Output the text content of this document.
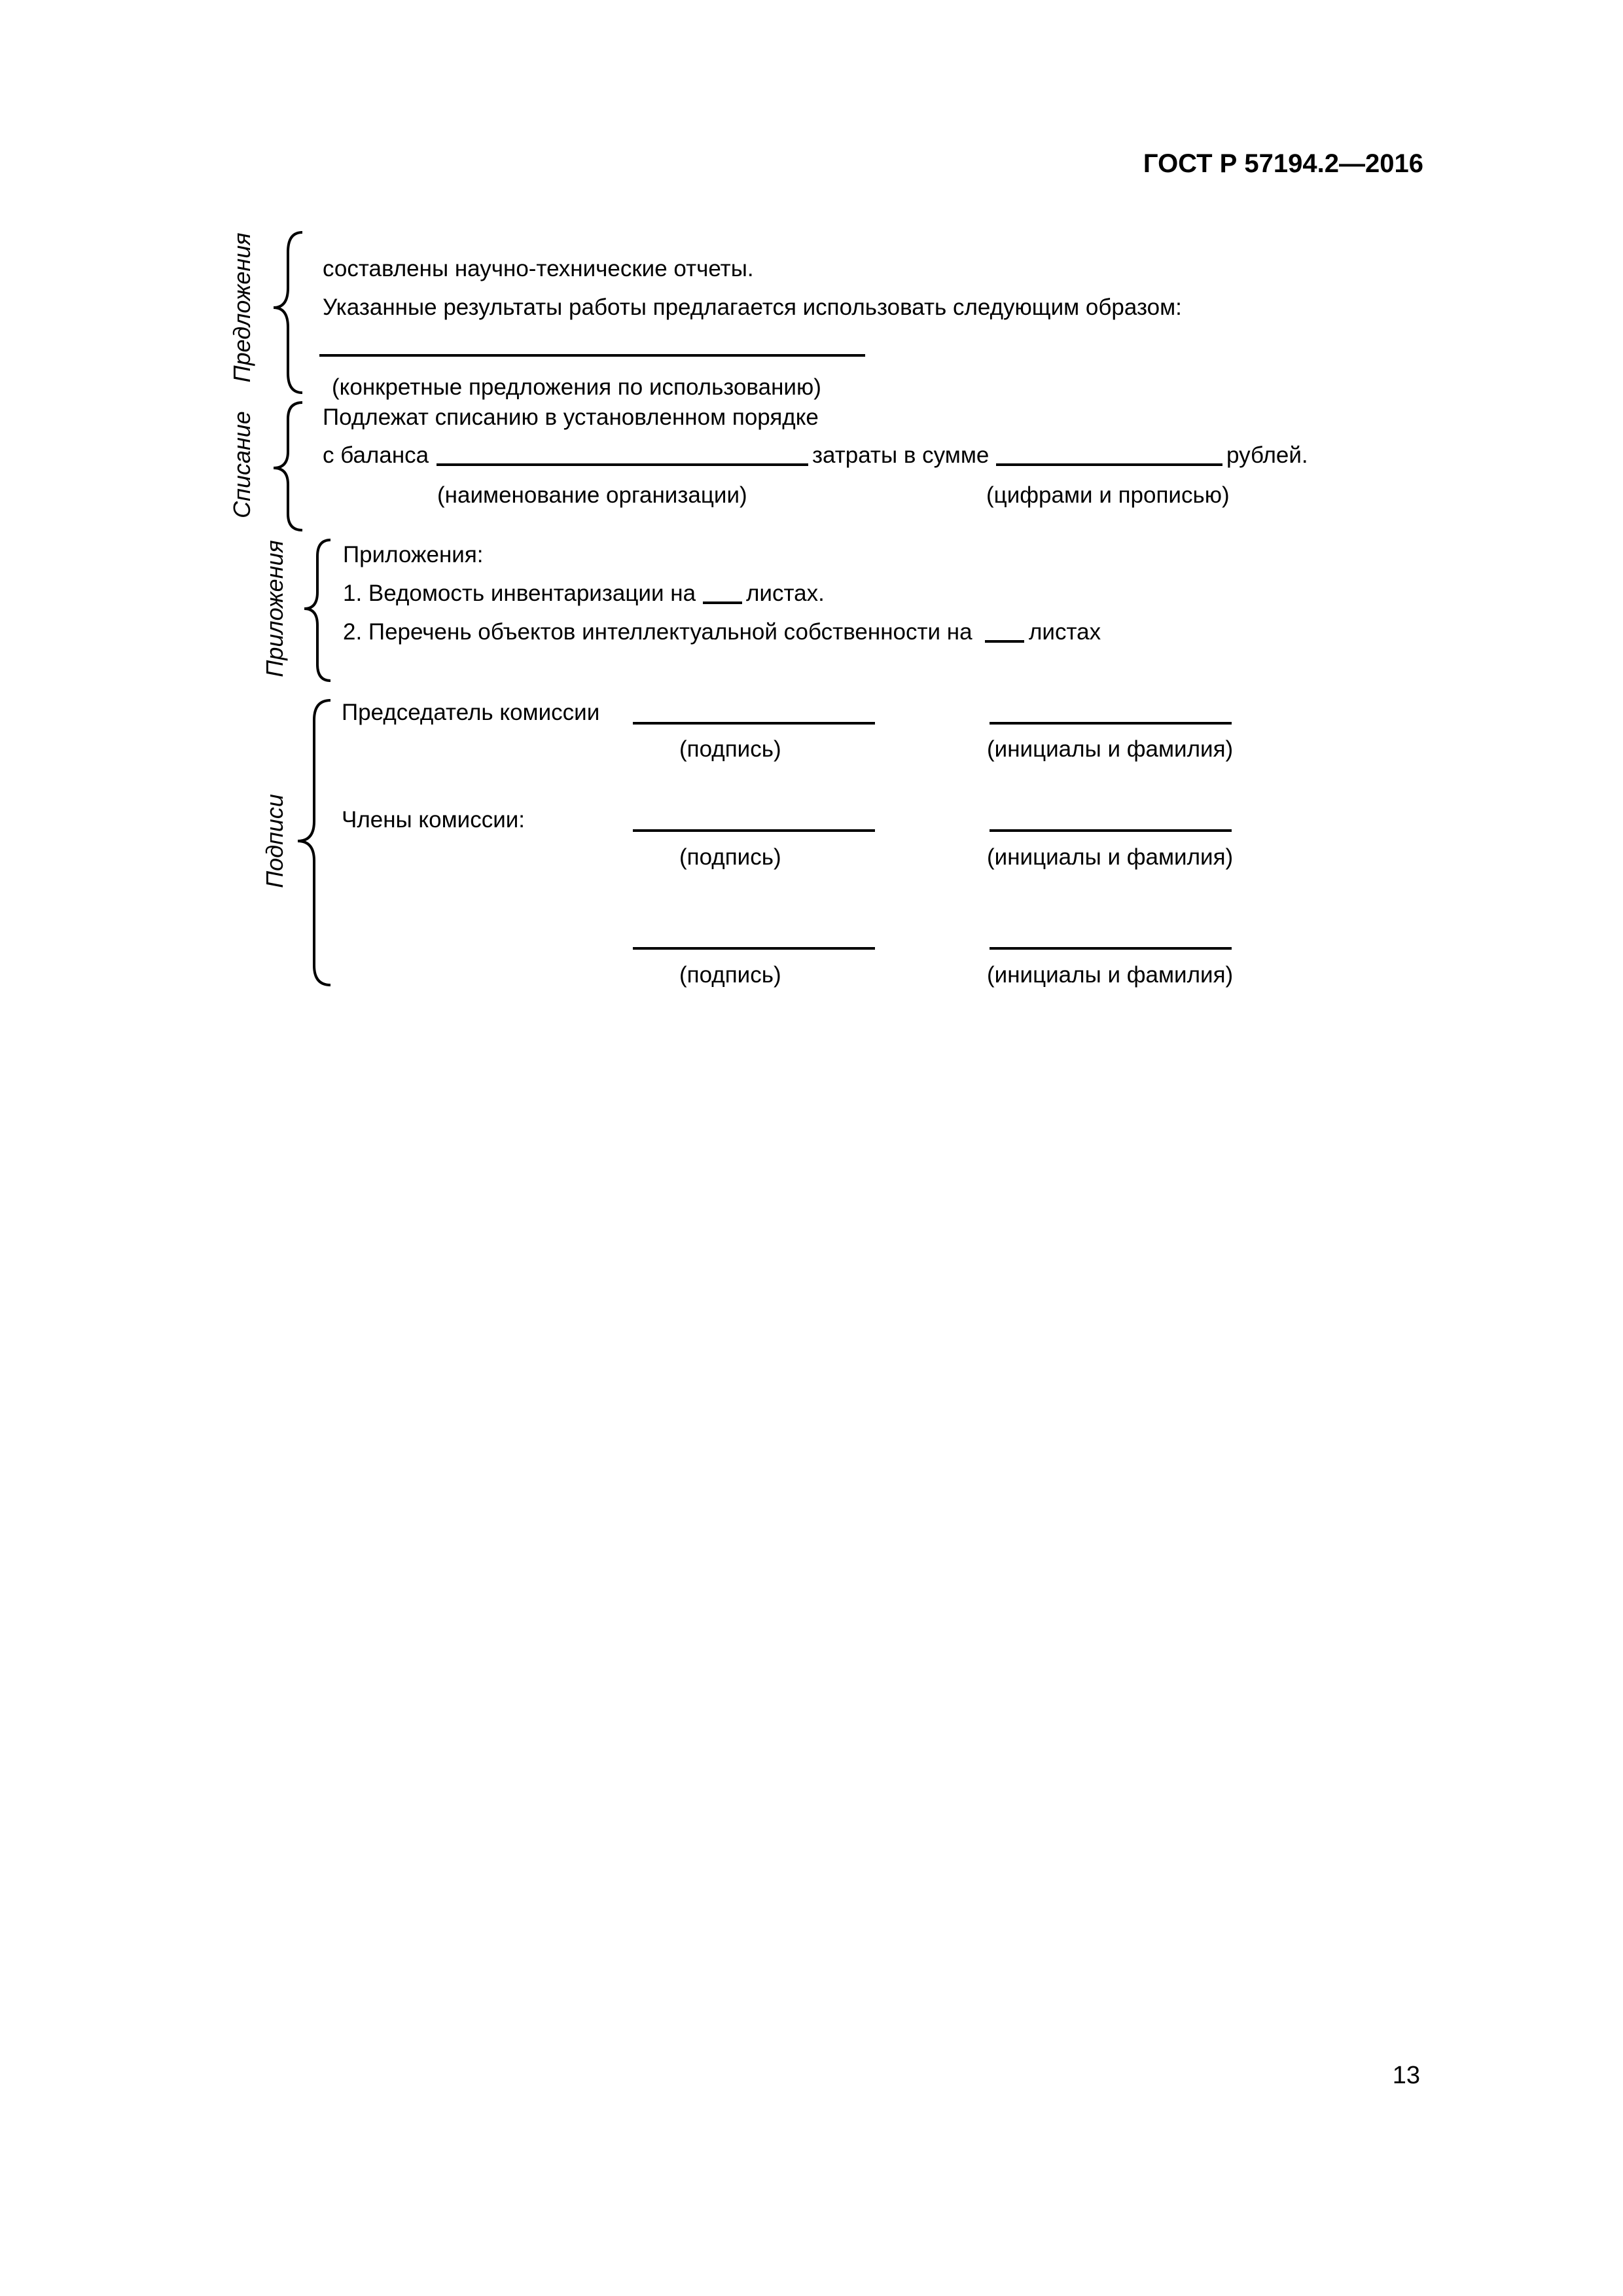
ГОСТ Р 57194.2—2016
Предложения	составлены научно-технические отчеты.
Указанные результаты работы предлагается использовать следующим образом:
(конкретные предложения по использованию)
Списание	Подлежат списанию в установленном порядке
с баланса	затраты в сумме	рублей.
(наименование организации)	(цифрами и прописью)
Приложения Приложения:
1. Ведомость инвентаризации на листах.
2. Перечень объектов интеллектуальной собственности на листах
Подписи
Председатель комиссии
(подпись)	(инициалы и фамилия)
Члены комиссии:
(подпись)	(инициалы и фамилия)
(подпись)	(инициалы и фамилия)
13
